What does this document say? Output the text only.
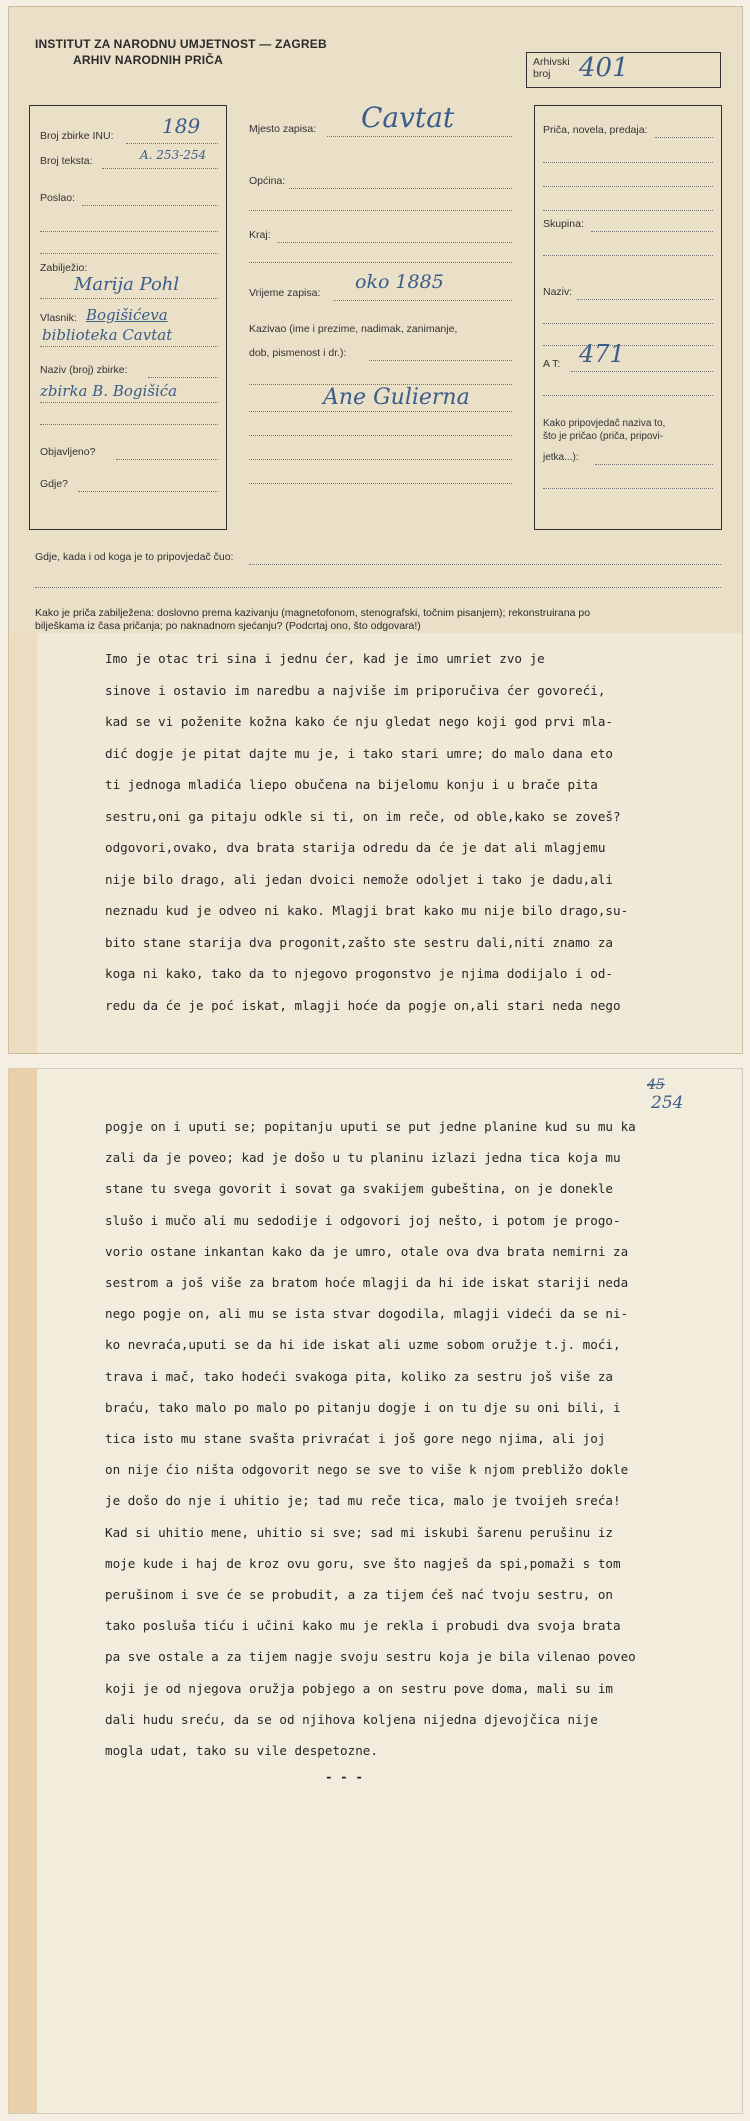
INSTITUT ZA NARODNU UMJETNOST — ZAGREB
ARHIV NARODNIH PRIČA	Arhivski broj	401
Broj zbirke INU: 189
Broj teksta:	A. 253-254
Poslao:
Zabilježio:
Marija Pohl
Vlasnik: Bogišićeva
biblioteka Cavtat
Naziv (broj) zbirke:
zbirka B. Bogišića
Objavljeno?
Gdje?
Mjesto zapisa: Cavtat
Općina:
Kraj:
Vrijeme zapisa: oko 1885
Kazivao (ime i prezime, nadimak, zanimanje,
dob, pismenost i dr.):
Ane Gulierna
Priča, novela, predaja:
Skupina:
Naziv:
A T: 471
Kako pripovjedač naziva to,
što je pričao (priča, pripovi-
jetka...):
Gdje, kada i od koga je to pripovjedač čuo:
Kako je priča zabilježena: doslovno prema kazivanju (magnetofonom, stenografski, točnim pisanjem); rekonstruirana po
bilješkama iz časa pričanja; po naknadnom sjećanju? (Podcrtaj ono, što odgovara!)
Imo je otac tri sina i jednu ćer, kad je imo umriet zvo je
sinove i ostavio im naredbu a najviše im priporučiva ćer govoreći,
kad se vi poženite kožna kako će nju gledat nego koji god prvi mla-
dić dogje je pitat dajte mu je, i tako stari umre; do malo dana eto
ti jednoga mladića liepo obučena na bijelomu konju i u brače pita
sestru,oni ga pitaju odkle si ti, on im reče, od oble,kako se zoveš?
odgovori,ovako, dva brata starija odredu da će je dat ali mlagjemu
nije bilo drago, ali jedan dvoici nemože odoljet i tako je dadu,ali
neznadu kud je odveo ni kako. Mlagji brat kako mu nije bilo drago,su-
bito stane starija dva progonit,zašto ste sestru dali,niti znamo za
koga ni kako, tako da to njegovo progonstvo je njima dodijalo i od-
redu da će je poć iskat, mlagji hoće da pogje on,ali stari neda nego
45
254
pogje on i uputi se; popitanju uputi se put jedne planine kud su mu ka
zali da je poveo; kad je došo u tu planinu izlazi jedna tica koja mu
stane tu svega govorit i sovat ga svakijem gubeština, on je donekle
slušo i mučo ali mu sedodije i odgovori joj nešto, i potom je progo-
vorio ostane inkantan kako da je umro, otale ova dva brata nemirni za
sestrom a još više za bratom hoće mlagji da hi ide iskat stariji neda
nego pogje on, ali mu se ista stvar dogodila, mlagji videći da se ni-
ko nevraća,uputi se da hi ide iskat ali uzme sobom oružje t.j. moći,
trava i mač, tako hodeći svakoga pita, koliko za sestru još više za
braću, tako malo po malo po pitanju dogje i on tu dje su oni bili, i
tica isto mu stane svašta privraćat i još gore nego njima, ali joj
on nije ćio ništa odgovorit nego se sve to više k njom prebližo dokle
je došo do nje i uhitio je; tad mu reče tica, malo je tvoijeh sreća!
Kad si uhitio mene, uhitio si sve; sad mi iskubi šarenu perušinu iz
moje kude i haj de kroz ovu goru, sve što nagješ da spi,pomaži s tom
perušinom i sve će se probudit, a za tijem ćeš nać tvoju sestru, on
tako posluša tiću i učini kako mu je rekla i probudi dva svoja brata
pa sve ostale a za tijem nagje svoju sestru koja je bila vilenao poveo
koji je od njegova oružja pobjego a on sestru pove doma, mali su im
dali hudu sreću, da se od njihova koljena nijedna djevojčica nije
mogla udat, tako su vile despetozne.
- - -
